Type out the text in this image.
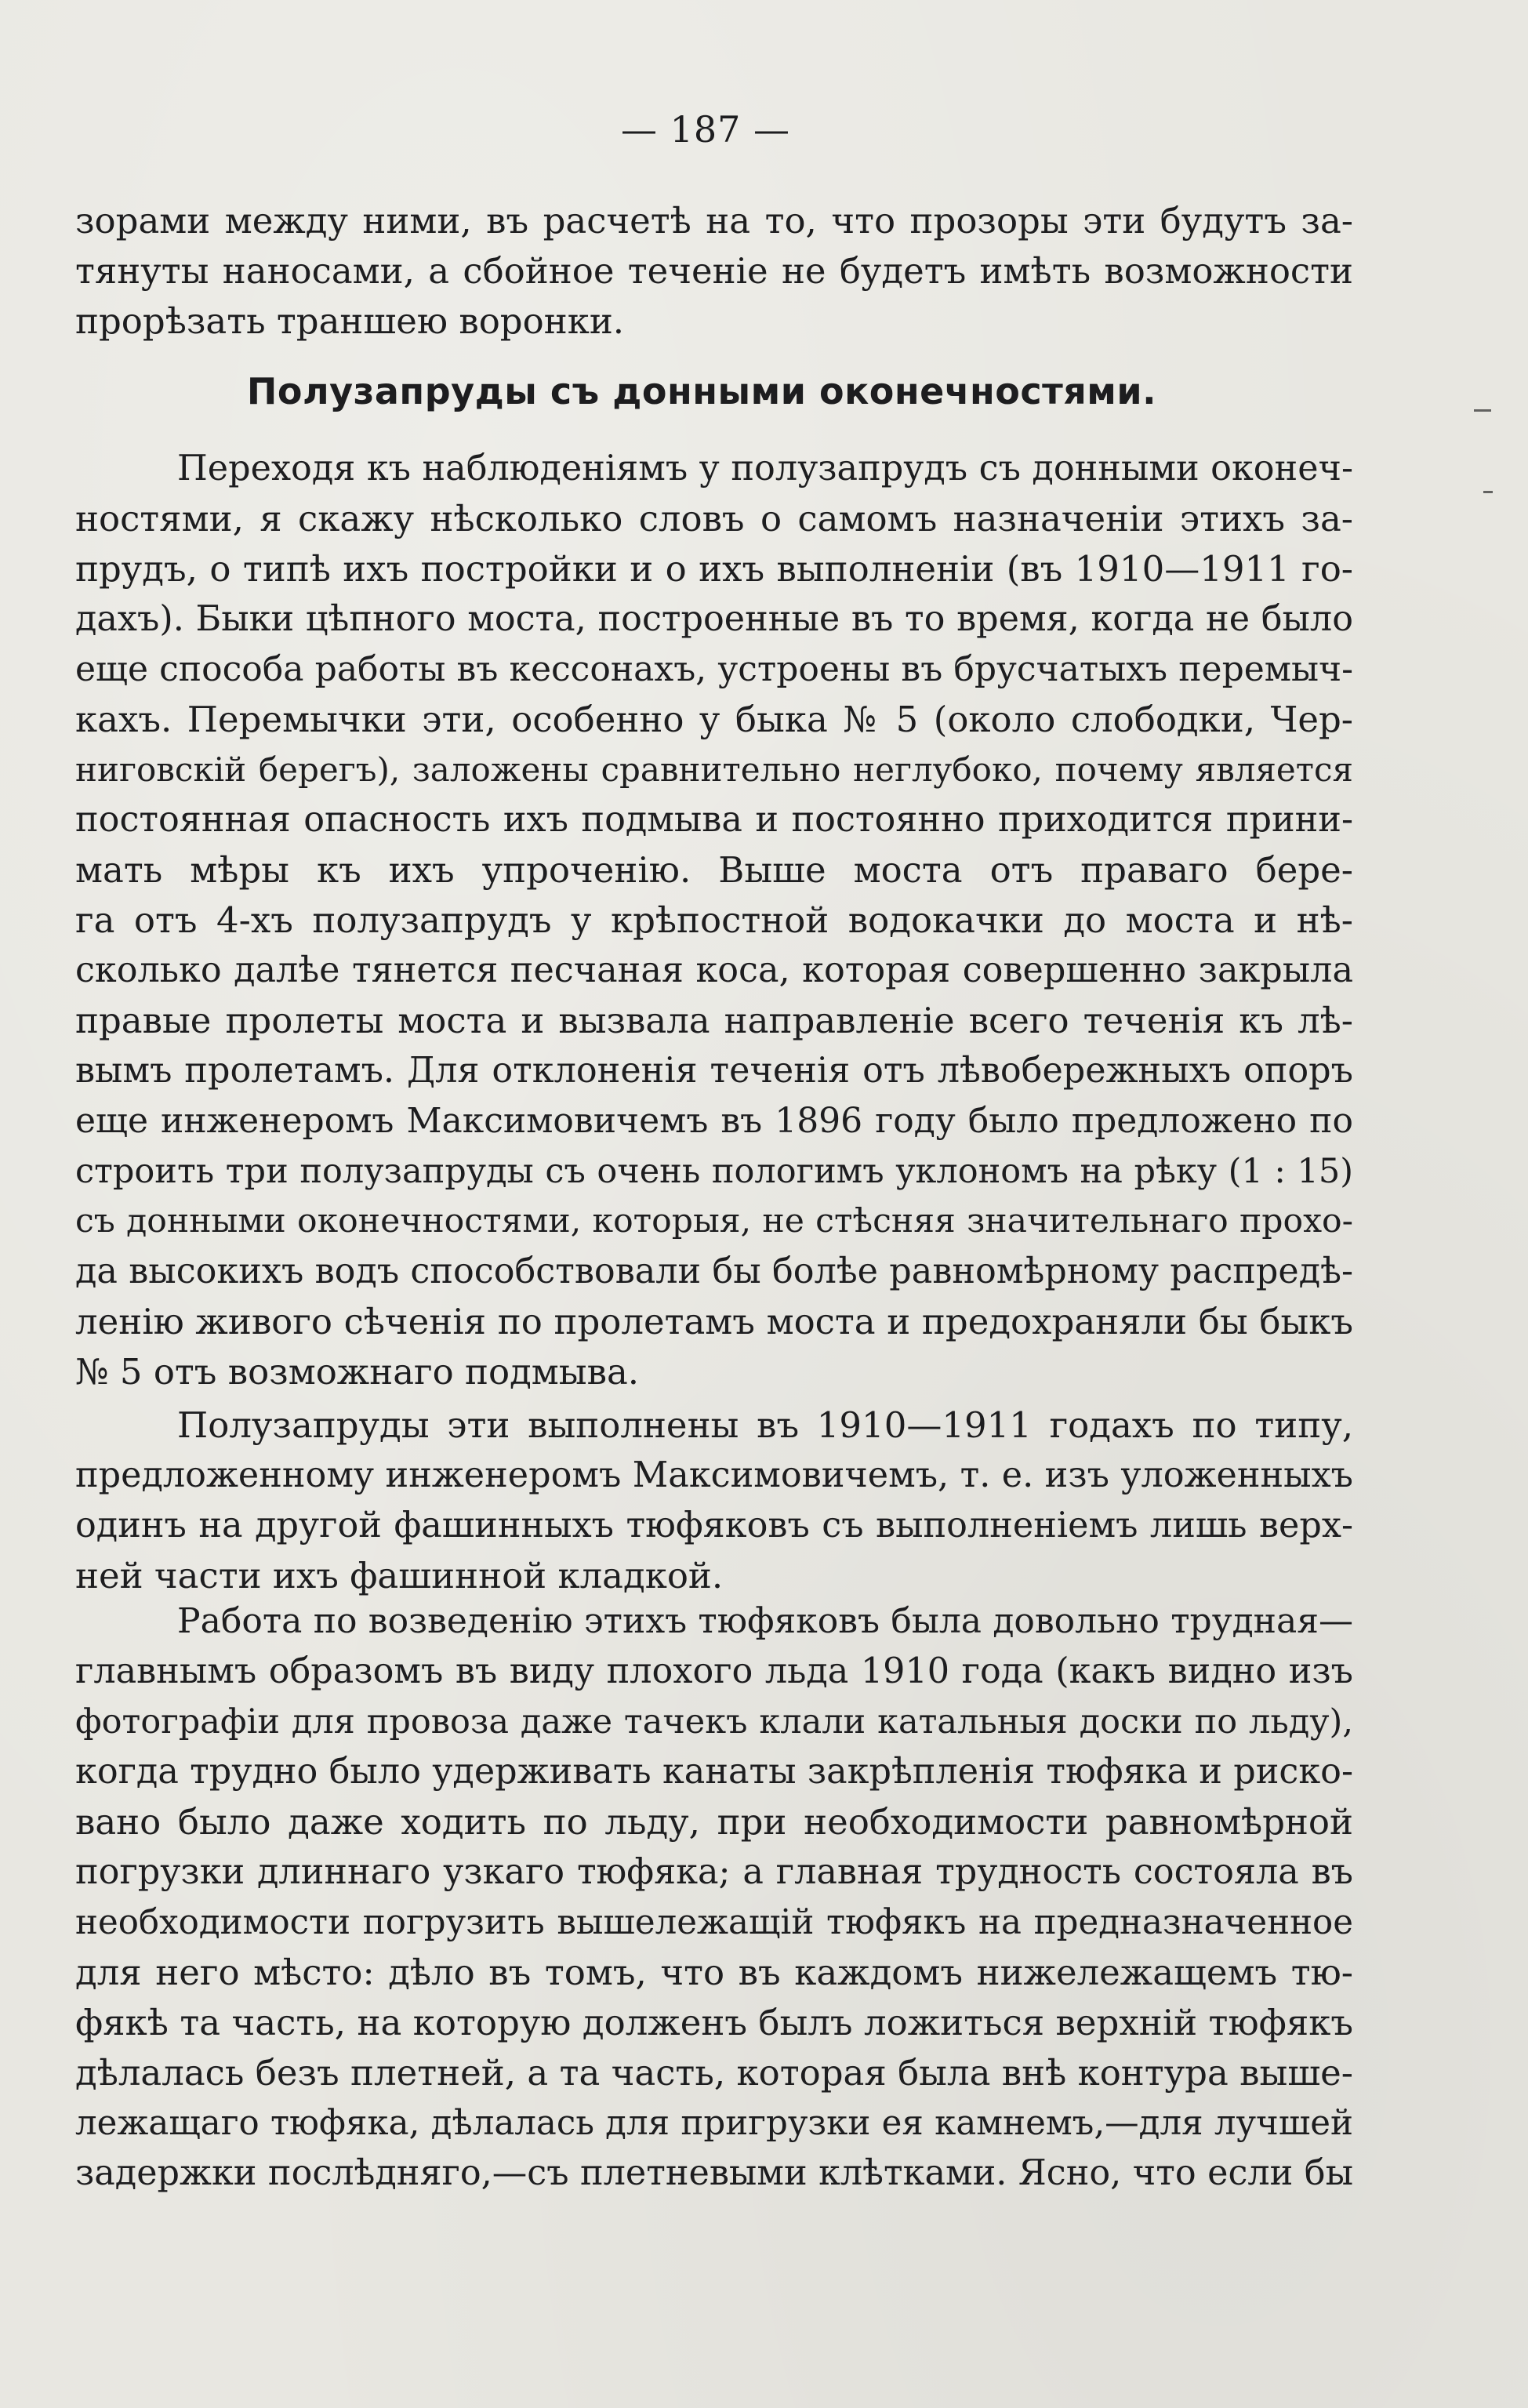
— 187 —
зорами между ними, въ расчетѣ на то, что прозоры эти будутъ за-
тянуты наносами, а сбойное теченіе не будетъ имѣть возможности
прорѣзать траншею воронки.
Полузапруды съ донными оконечностями.
Переходя къ наблюденіямъ у полузапрудъ съ донными оконеч-
ностями, я скажу нѣсколько словъ о самомъ назначеніи этихъ за-
прудъ, о типѣ ихъ постройки и о ихъ выполненіи (въ 1910—1911 го-
дахъ). Быки цѣпного моста, построенные въ то время, когда не было
еще способа работы въ кессонахъ, устроены въ брусчатыхъ перемыч-
кахъ. Перемычки эти, особенно у быка № 5 (около слободки, Чер-
ниговскій берегъ), заложены сравнительно неглубоко, почему является
постоянная опасность ихъ подмыва и постоянно приходится прини-
мать мѣры къ ихъ упроченію. Выше моста отъ праваго бере-
га отъ 4-хъ полузапрудъ у крѣпостной водокачки до моста и нѣ-
сколько далѣе тянется песчаная коса, которая совершенно закрыла
правые пролеты моста и вызвала направленіе всего теченія къ лѣ-
вымъ пролетамъ. Для отклоненія теченія отъ лѣвобережныхъ опоръ
еще инженеромъ Максимовичемъ въ 1896 году было предложено по
строить три полузапруды съ очень пологимъ уклономъ на рѣку (1 : 15)
съ донными оконечностями, которыя, не стѣсняя значительнаго прохо-
да высокихъ водъ способствовали бы болѣе равномѣрному распредѣ-
ленію живого сѣченія по пролетамъ моста и предохраняли бы быкъ
№ 5 отъ возможнаго подмыва.
Полузапруды эти выполнены въ 1910—1911 годахъ по типу,
предложенному инженеромъ Максимовичемъ, т. е. изъ уложенныхъ
одинъ на другой фашинныхъ тюфяковъ съ выполненіемъ лишь верх-
ней части ихъ фашинной кладкой.
Работа по возведенію этихъ тюфяковъ была довольно трудная—
главнымъ образомъ въ виду плохого льда 1910 года (какъ видно изъ
фотографіи для провоза даже тачекъ клали катальныя доски по льду),
когда трудно было удерживать канаты закрѣпленія тюфяка и риско-
вано было даже ходить по льду, при необходимости равномѣрной
погрузки длиннаго узкаго тюфяка; а главная трудность состояла въ
необходимости погрузить вышележащій тюфякъ на предназначенное
для него мѣсто: дѣло въ томъ, что въ каждомъ нижележащемъ тю-
фякѣ та часть, на которую долженъ былъ ложиться верхній тюфякъ
дѣлалась безъ плетней, а та часть, которая была внѣ контура выше-
лежащаго тюфяка, дѣлалась для пригрузки ея камнемъ,—для лучшей
задержки послѣдняго,—съ плетневыми клѣтками. Ясно, что если бы
